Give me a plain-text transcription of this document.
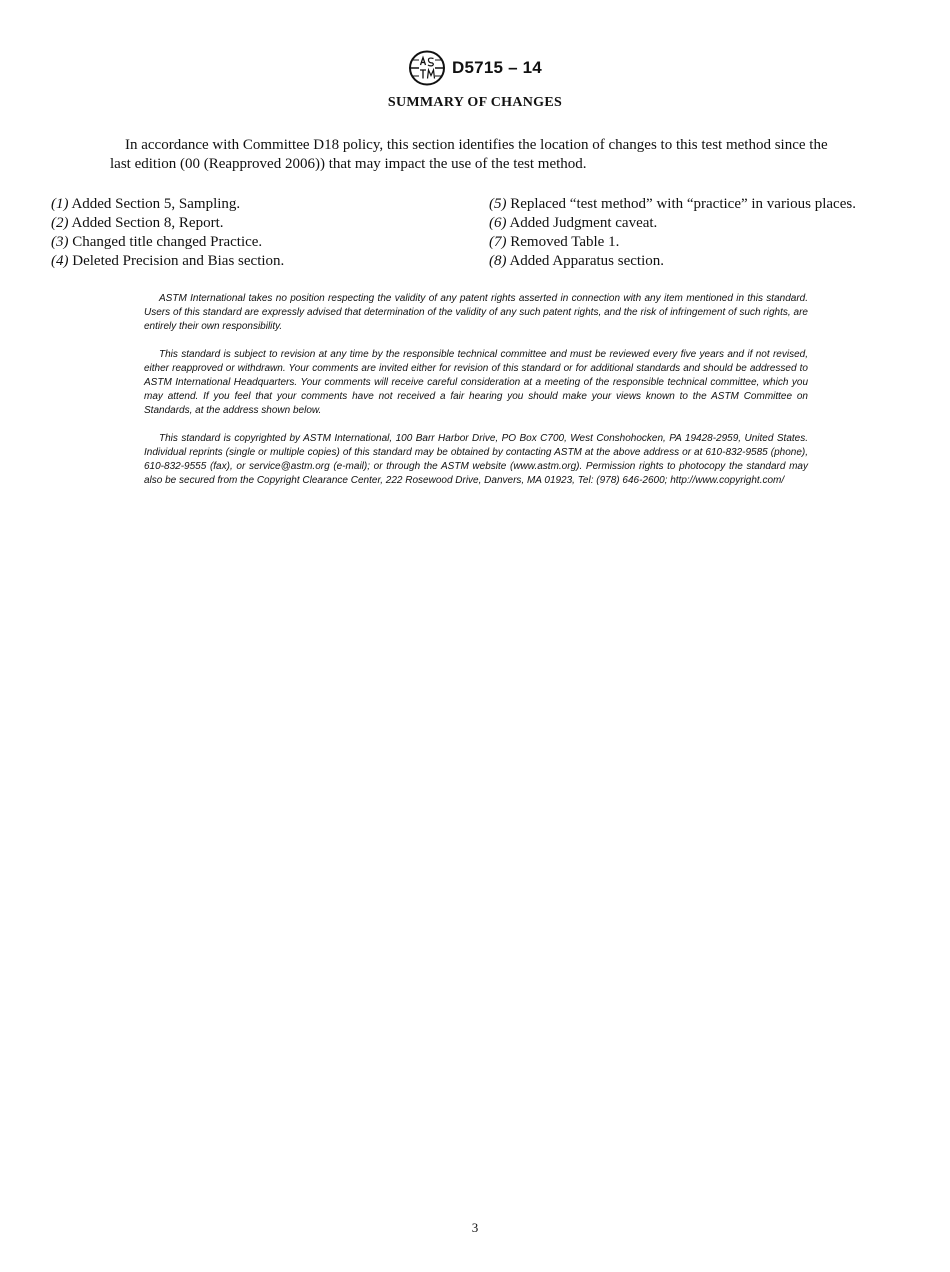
D5715 – 14
SUMMARY OF CHANGES

In accordance with Committee D18 policy, this section identifies the location of changes to this test method since the last edition (00 (Reapproved 2006)) that may impact the use of the test method.

(1) Added Section 5, Sampling.
(2) Added Section 8, Report.
(3) Changed title changed Practice.
(4) Deleted Precision and Bias section.
(5) Replaced “test method” with “practice” in various places.
(6) Added Judgment caveat.
(7) Removed Table 1.
(8) Added Apparatus section.

ASTM International takes no position respecting the validity of any patent rights asserted in connection with any item mentioned in this standard. Users of this standard are expressly advised that determination of the validity of any such patent rights, and the risk of infringement of such rights, are entirely their own responsibility.

This standard is subject to revision at any time by the responsible technical committee and must be reviewed every five years and if not revised, either reapproved or withdrawn. Your comments are invited either for revision of this standard or for additional standards and should be addressed to ASTM International Headquarters. Your comments will receive careful consideration at a meeting of the responsible technical committee, which you may attend. If you feel that your comments have not received a fair hearing you should make your views known to the ASTM Committee on Standards, at the address shown below.

This standard is copyrighted by ASTM International, 100 Barr Harbor Drive, PO Box C700, West Conshohocken, PA 19428-2959, United States. Individual reprints (single or multiple copies) of this standard may be obtained by contacting ASTM at the above address or at 610-832-9585 (phone), 610-832-9555 (fax), or service@astm.org (e-mail); or through the ASTM website (www.astm.org). Permission rights to photocopy the standard may also be secured from the Copyright Clearance Center, 222 Rosewood Drive, Danvers, MA 01923, Tel: (978) 646-2600; http://www.copyright.com/

3
